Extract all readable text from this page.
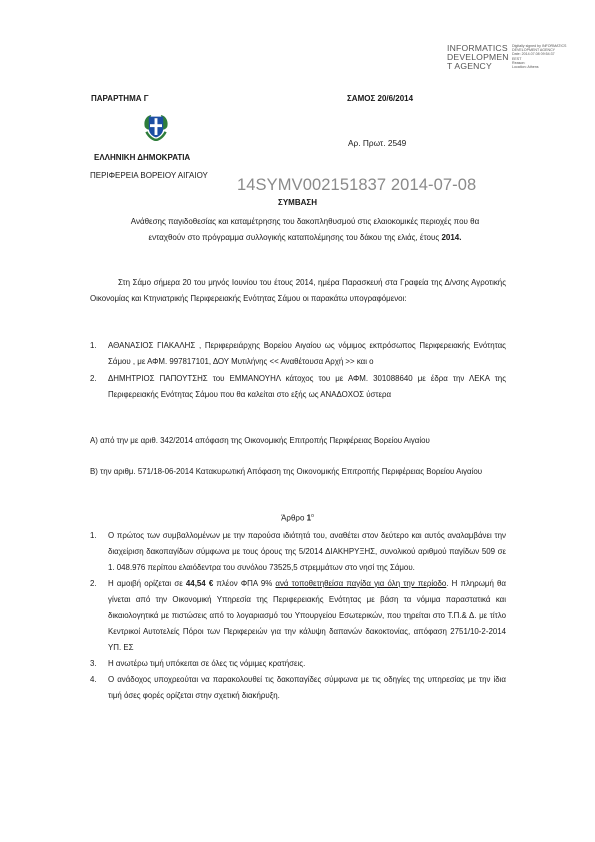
INFORMATICS DEVELOPMEN T AGENCY
Digitally signed by INFORMATICS
DEVELOPMENT AGENCY
Date: 2014.07.08 09:54:37
EEST
Reason:
Location: Athens
ΠΑΡΑΡΤΗΜΑ Γ	ΣΑΜΟΣ 20/6/2014
Αρ. Πρωτ. 2549
ΕΛΛΗΝΙΚΗ ΔΗΜΟΚΡΑΤΙΑ
ΠΕΡΙΦΕΡΕΙΑ ΒΟΡΕΙΟΥ ΑΙΓΑΙΟΥ
14SYMV002151837 2014-07-08
ΣΥΜΒΑΣΗ
Ανάθεσης παγιδοθεσίας και καταμέτρησης του δακοπληθυσμού στις ελαιοκομικές περιοχές που θα ενταχθούν στο πρόγραμμα συλλογικής καταπολέμησης του δάκου της ελιάς, έτους 2014.
Στη Σάμο σήμερα 20 του μηνός Ιουνίου του έτους 2014, ημέρα Παρασκευή στα Γραφεία της Δ/νσης Αγροτικής Οικονομίας και Κτηνιατρικής Περιφερειακής Ενότητας Σάμου οι παρακάτω υπογραφόμενοι:
1. ΑΘΑΝΑΣΙΟΣ ΓΙΑΚΑΛΗΣ , Περιφερειάρχης Βορείου Αιγαίου ως νόμιμος εκπρόσωπος Περιφερειακής Ενότητας Σάμου , με ΑΦΜ. 997817101, ΔΟΥ Μυτιλήνης << Αναθέτουσα Αρχή >> και ο
2. ΔΗΜΗΤΡΙΟΣ ΠΑΠΟΥΤΣΗΣ του ΕΜΜΑΝΟΥΗΛ κάτοχος του με ΑΦΜ. 301088640 με έδρα την ΛΕΚΑ της Περιφερειακής Ενότητας Σάμου που θα καλείται στο εξής ως ΑΝΑΔΟΧΟΣ ύστερα
Α) από την με αριθ. 342/2014 απόφαση της Οικονομικής Επιτροπής Περιφέρειας Βορείου Αιγαίου
Β) την αριθμ. 571/18-06-2014 Κατακυρωτική Απόφαση της Οικονομικής Επιτροπής Περιφέρειας Βορείου Αιγαίου
Άρθρο $1^o$
1. Ο πρώτος των συμβαλλομένων με την παρούσα ιδιότητά του, αναθέτει στον δεύτερο και αυτός αναλαμβάνει την διαχείριση δακοπαγίδων σύμφωνα με τους όρους της 5/2014 ΔΙΑΚΗΡΥΞΗΣ, συνολικού αριθμού παγίδων 509 σε 1. 048.976 περίπου ελαιόδεντρα του συνόλου 73525,5 στρεμμάτων στο νησί της Σάμου.
2. Η αμοιβή ορίζεται σε 44,54 € πλέον ΦΠΑ 9% ανά τοποθετηθείσα παγίδα για όλη την περίοδο. Η πληρωμή θα γίνεται από την Οικονομική Υπηρεσία της Περιφερειακής Ενότητας με βάση τα νόμιμα παραστατικά και δικαιολογητικά με πιστώσεις από το λογαριασμό του Υπουργείου Εσωτερικών, που τηρείται στο Τ.Π.& Δ. με τίτλο Κεντρικοί Αυτοτελείς Πόροι των Περιφερειών για την κάλυψη δαπανών δακοκτονίας, απόφαση 2751/10-2-2014 ΥΠ. ΕΣ
3. Η ανωτέρω τιμή υπόκειται σε όλες τις νόμιμες κρατήσεις.
4. Ο ανάδοχος υποχρεούται να παρακολουθεί τις δακοπαγίδες σύμφωνα με τις οδηγίες της υπηρεσίας με την ίδια τιμή όσες φορές ορίζεται στην σχετική διακήρυξη.
